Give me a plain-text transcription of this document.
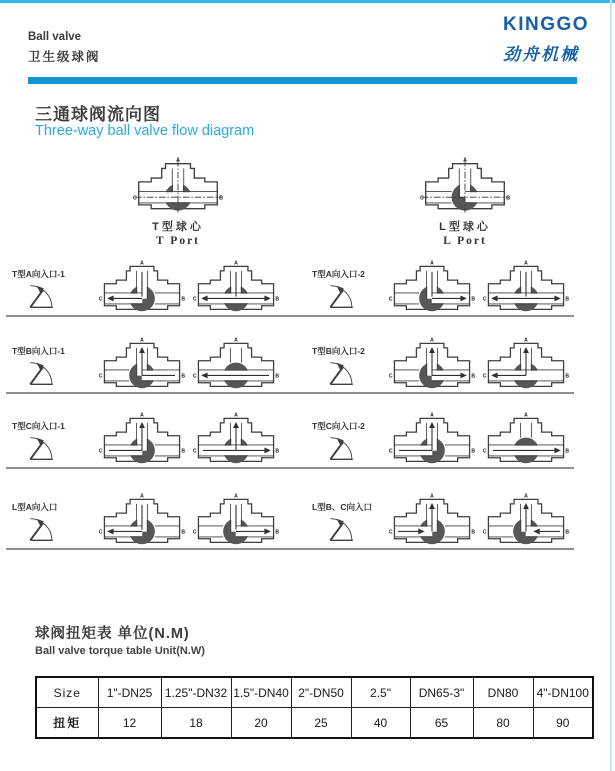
Ball valve
卫生级球阀
KINGGO
劲舟机械
三通球阀流向图
Three-way ball valve flow diagram
A
C	B
T型球心
T Port
A
C	B
L型球心
L Port
T型A向入口-1
A
C	B
A
C	B
T型A向入口-2
A
C	B
A
C	B
T型B向入口-1
A
C	B
A
C	B
T型B向入口-2
A
C	B
A
C	B
T型C向入口-1
A
C	B
A
C	B
T型C向入口-2
A
C	B
A
C	B
L型A向入口
A
C	B
A
C	B
L型B、C向入口
A
C	B
A
C	B
球阀扭矩表 单位(N.M)
Ball valve torque table Unit(N.W)
Size	1"-DN25	1.25"-DN32	1.5"-DN40	2"-DN50	2.5"	DN65-3"	DN80	4"-DN100
扭矩	12	18	20	25	40	65	80	90
